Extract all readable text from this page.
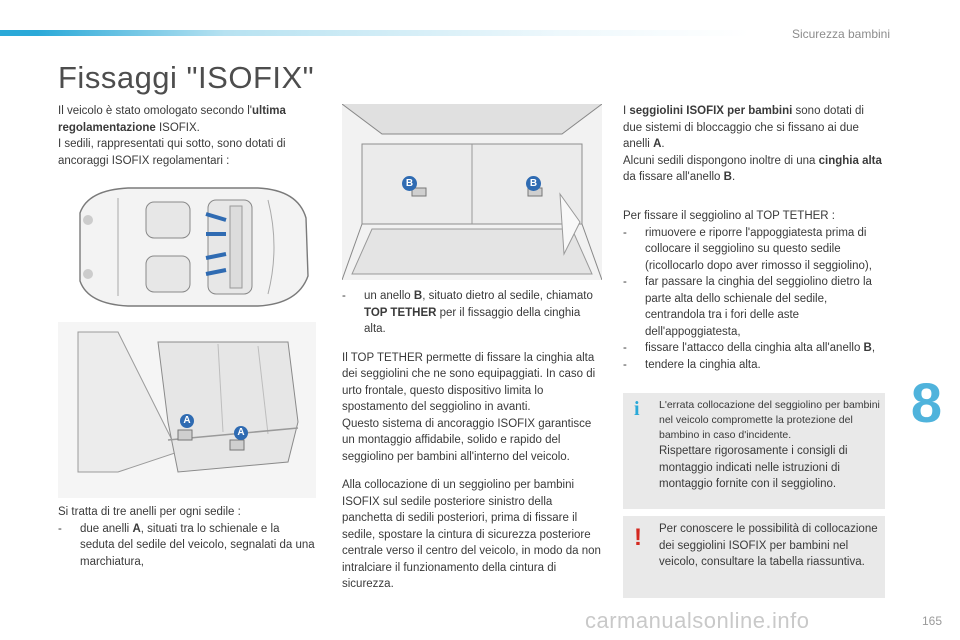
Sicurezza bambini
Fissaggi "ISOFIX"
Il veicolo è stato omologato secondo l'ultima regolamentazione ISOFIX.
I sedili, rappresentati qui sotto, sono dotati di ancoraggi ISOFIX regolamentari :
A
A
Si tratta di tre anelli per ogni sedile :
-	due anelli A, situati tra lo schienale e la seduta del sedile del veicolo, segnalati da una marchiatura,
B	B
-	un anello B, situato dietro al sedile, chiamato TOP TETHER per il fissaggio della cinghia alta.
Il TOP TETHER permette di fissare la cinghia alta dei seggiolini che ne sono equipaggiati. In caso di urto frontale, questo dispositivo limita lo spostamento del seggiolino in avanti.
Questo sistema di ancoraggio ISOFIX garantisce un montaggio affidabile, solido e rapido del seggiolino per bambini all'interno del veicolo.
Alla collocazione di un seggiolino per bambini ISOFIX sul sedile posteriore sinistro della panchetta di sedili posteriori, prima di fissare il sedile, spostare la cintura di sicurezza posteriore centrale verso il centro del veicolo, in modo da non intralciare il funzionamento della cintura di sicurezza.
I seggiolini ISOFIX per bambini sono dotati di due sistemi di bloccaggio che si fissano ai due anelli A.
Alcuni sedili dispongono inoltre di una cinghia alta da fissare all'anello B.
Per fissare il seggiolino al TOP TETHER :
-	rimuovere e riporre l'appoggiatesta prima di collocare il seggiolino su questo sedile (ricollocarlo dopo aver rimosso il seggiolino),
-	far passare la cinghia del seggiolino dietro la parte alta dello schienale del sedile, centrandola tra i fori delle aste dell'appoggiatesta,
-	fissare l'attacco della cinghia alta all'anello B,
-	tendere la cinghia alta.
i L'errata collocazione del seggiolino per bambini nel veicolo compromette la protezione del bambino in caso d'incidente.
Rispettare rigorosamente i consigli di montaggio indicati nelle istruzioni di montaggio fornite con il seggiolino.
! Per conoscere le possibilità di collocazione dei seggiolini ISOFIX per bambini nel veicolo, consultare la tabella riassuntiva.
8
165
carmanualsonline.info
